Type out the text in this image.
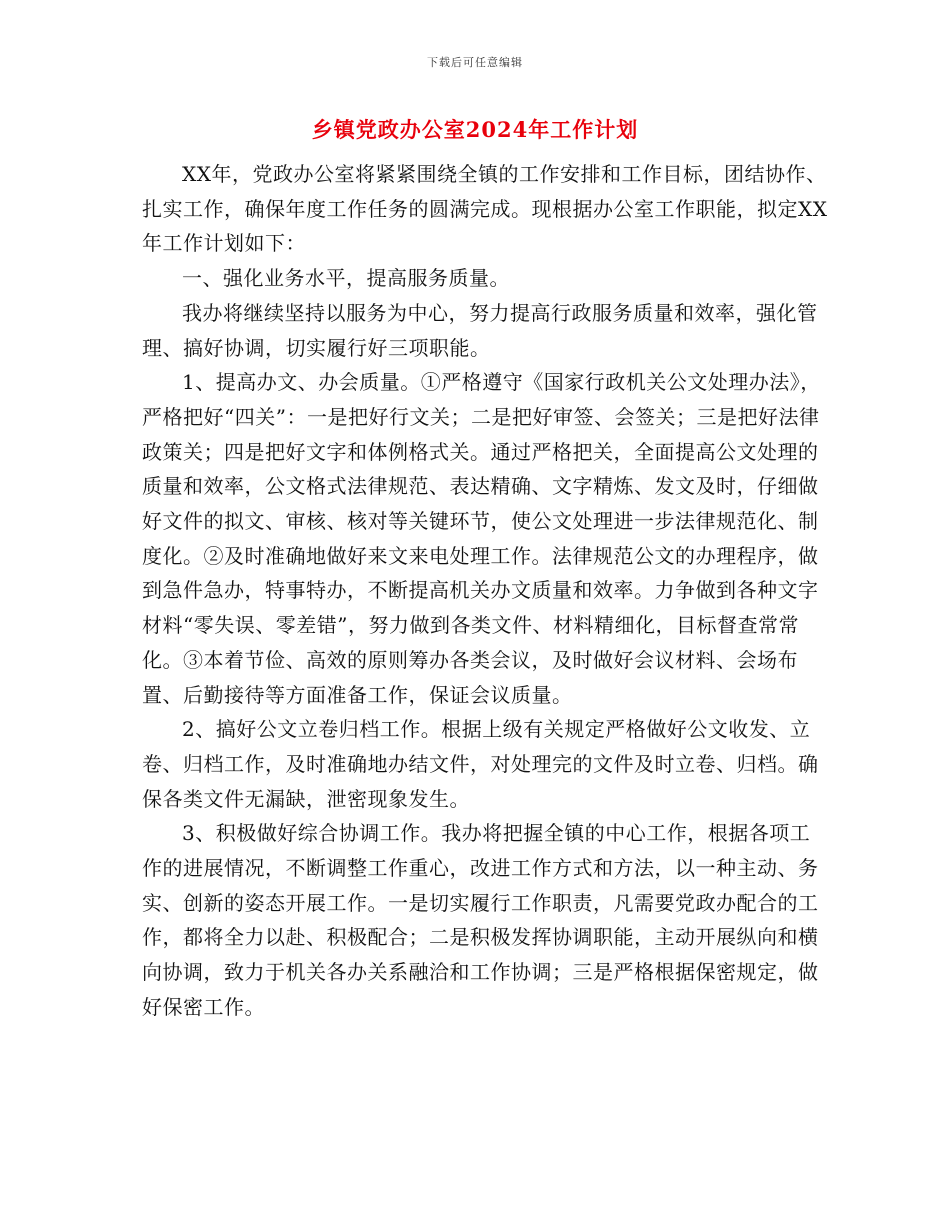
下载后可任意编辑
乡镇党政办公室2024年工作计划

XX年，党政办公室将紧紧围绕全镇的工作安排和工作目标，团结协作、扎实工作，确保年度工作任务的圆满完成。现根据办公室工作职能，拟定XX年工作计划如下：

一、强化业务水平，提高服务质量。

我办将继续坚持以服务为中心，努力提高行政服务质量和效率，强化管理、搞好协调，切实履行好三项职能。

1、提高办文、办会质量。①严格遵守《国家行政机关公文处理办法》，严格把好“四关”：一是把好行文关；二是把好审签、会签关；三是把好法律政策关；四是把好文字和体例格式关。通过严格把关，全面提高公文处理的质量和效率，公文格式法律规范、表达精确、文字精炼、发文及时，仔细做好文件的拟文、审核、核对等关键环节，使公文处理进一步法律规范化、制度化。②及时准确地做好来文来电处理工作。法律规范公文的办理程序，做到急件急办，特事特办，不断提高机关办文质量和效率。力争做到各种文字材料“零失误、零差错”，努力做到各类文件、材料精细化，目标督查常常化。③本着节俭、高效的原则筹办各类会议，及时做好会议材料、会场布置、后勤接待等方面准备工作，保证会议质量。

2、搞好公文立卷归档工作。根据上级有关规定严格做好公文收发、立卷、归档工作，及时准确地办结文件，对处理完的文件及时立卷、归档。确保各类文件无漏缺，泄密现象发生。

3、积极做好综合协调工作。我办将把握全镇的中心工作，根据各项工作的进展情况，不断调整工作重心，改进工作方式和方法，以一种主动、务实、创新的姿态开展工作。一是切实履行工作职责，凡需要党政办配合的工作，都将全力以赴、积极配合；二是积极发挥协调职能，主动开展纵向和横向协调，致力于机关各办关系融洽和工作协调；三是严格根据保密规定，做好保密工作。
